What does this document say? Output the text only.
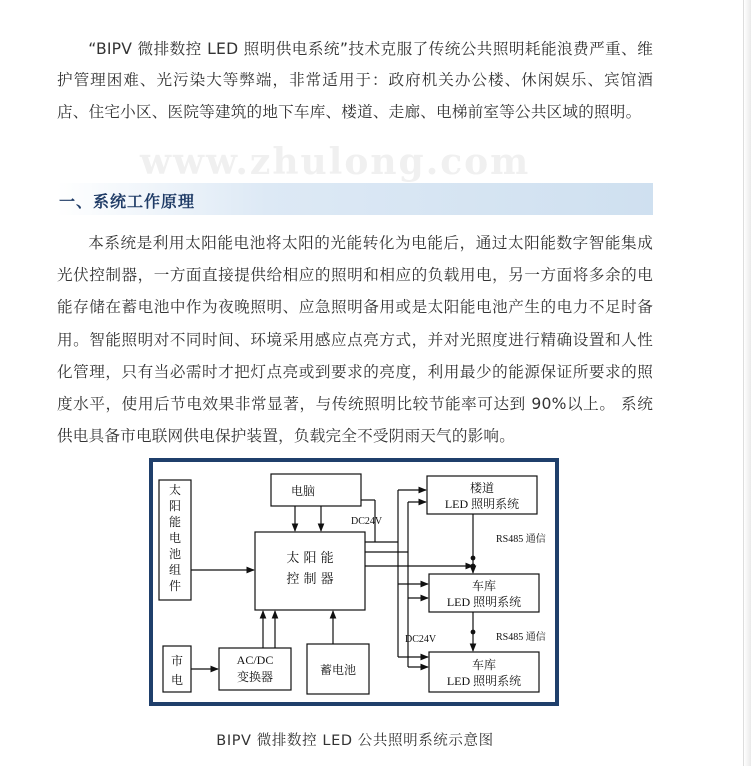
“BIPV 微排数控 LED 照明供电系统”技术克服了传统公共照明耗能浪费严重、维护管理困难、光污染大等弊端，非常适用于：政府机关办公楼、休闲娱乐、宾馆酒店、住宅小区、医院等建筑的地下车库、楼道、走廊、电梯前室等公共区域的照明。

www.zhulong.com
一、系统工作原理

本系统是利用太阳能电池将太阳的光能转化为电能后，通过太阳能数字智能集成光伏控制器，一方面直接提供给相应的照明和相应的负载用电，另一方面将多余的电能存储在蓄电池中作为夜晚照明、应急照明备用或是太阳能电池产生的电力不足时备用。智能照明对不同时间、环境采用感应点亮方式，并对光照度进行精确设置和人性化管理，只有当必需时才把灯点亮或到要求的亮度，利用最少的能源保证所要求的照度水平，使用后节电效果非常显著，与传统照明比较节能率可达到 90%以上。 系统供电具备市电联网供电保护装置，负载完全不受阴雨天气的影响。

太
阳
能
电
池
组
件
电脑
太 阳 能
控 制 器
市
电
AC/DC
变换器	蓄电池
楼道
LED 照明系统
车库
LED 照明系统
车库
LED 照明系统
DC24V
DC24V
RS485 通信
RS485 通信
BIPV 微排数控 LED 公共照明系统示意图
